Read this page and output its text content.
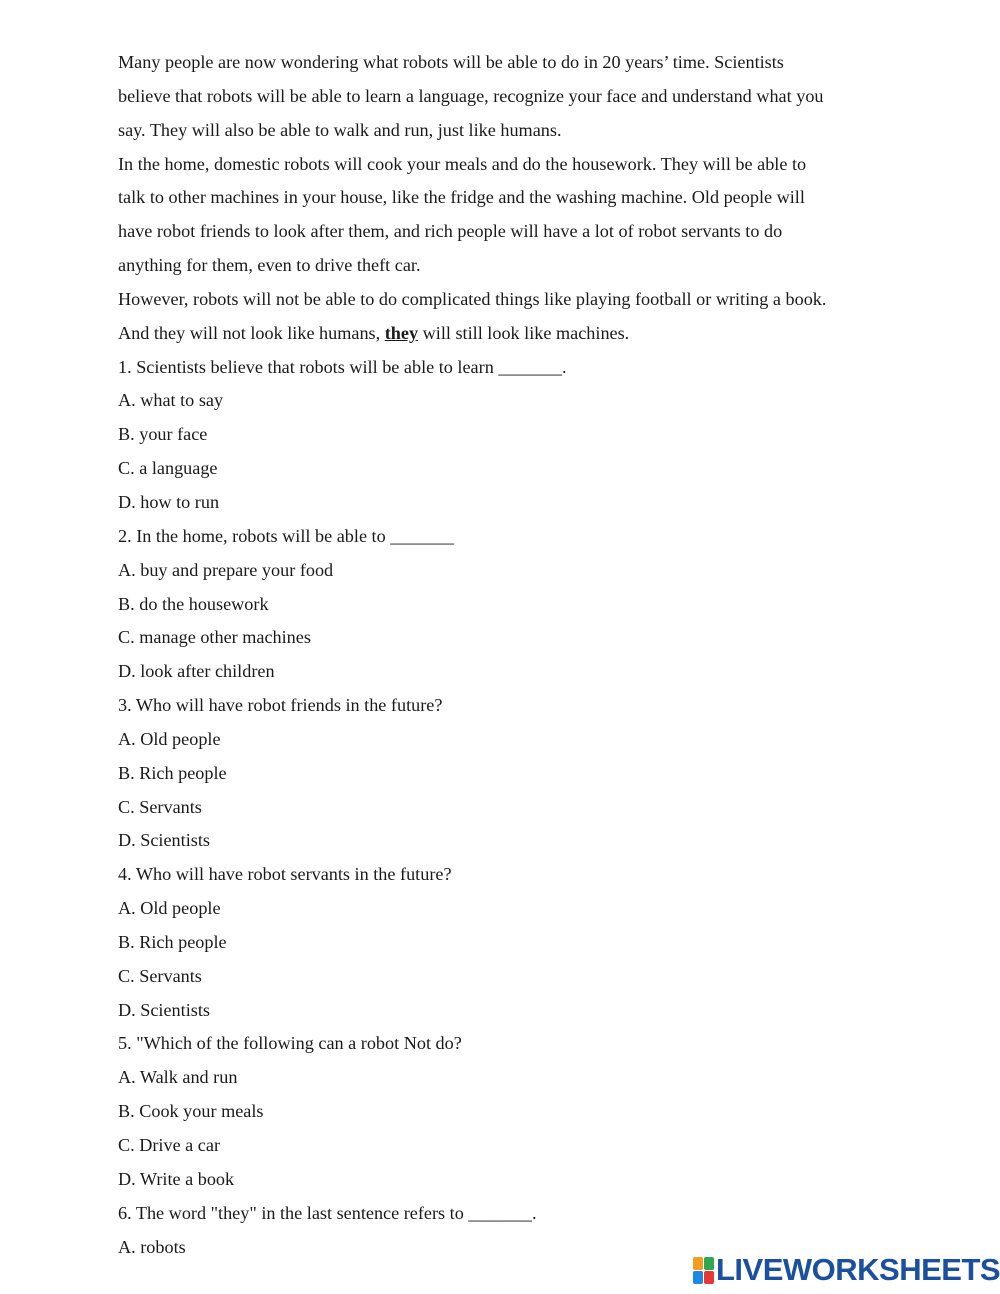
Many people are now wondering what robots will be able to do in 20 years’ time. Scientists
believe that robots will be able to learn a language, recognize your face and understand what you
say. They will also be able to walk and run, just like humans.
In the home, domestic robots will cook your meals and do the housework. They will be able to
talk to other machines in your house, like the fridge and the washing machine. Old people will
have robot friends to look after them, and rich people will have a lot of robot servants to do
anything for them, even to drive theft car.
However, robots will not be able to do complicated things like playing football or writing a book.
And they will not look like humans, they will still look like machines.
1. Scientists believe that robots will be able to learn _______.
A. what to say
B. your face
C. a language
D. how to run
2. In the home, robots will be able to _______
A. buy and prepare your food
B. do the housework
C. manage other machines
D. look after children
3. Who will have robot friends in the future?
A. Old people
B. Rich people
C. Servants
D. Scientists
4. Who will have robot servants in the future?
A. Old people
B. Rich people
C. Servants
D. Scientists
5. "Which of the following can a robot Not do?
A. Walk and run
B. Cook your meals
C. Drive a car
D. Write a book
6. The word "they" in the last sentence refers to _______.
A. robots
LIVEWORKSHEETS
